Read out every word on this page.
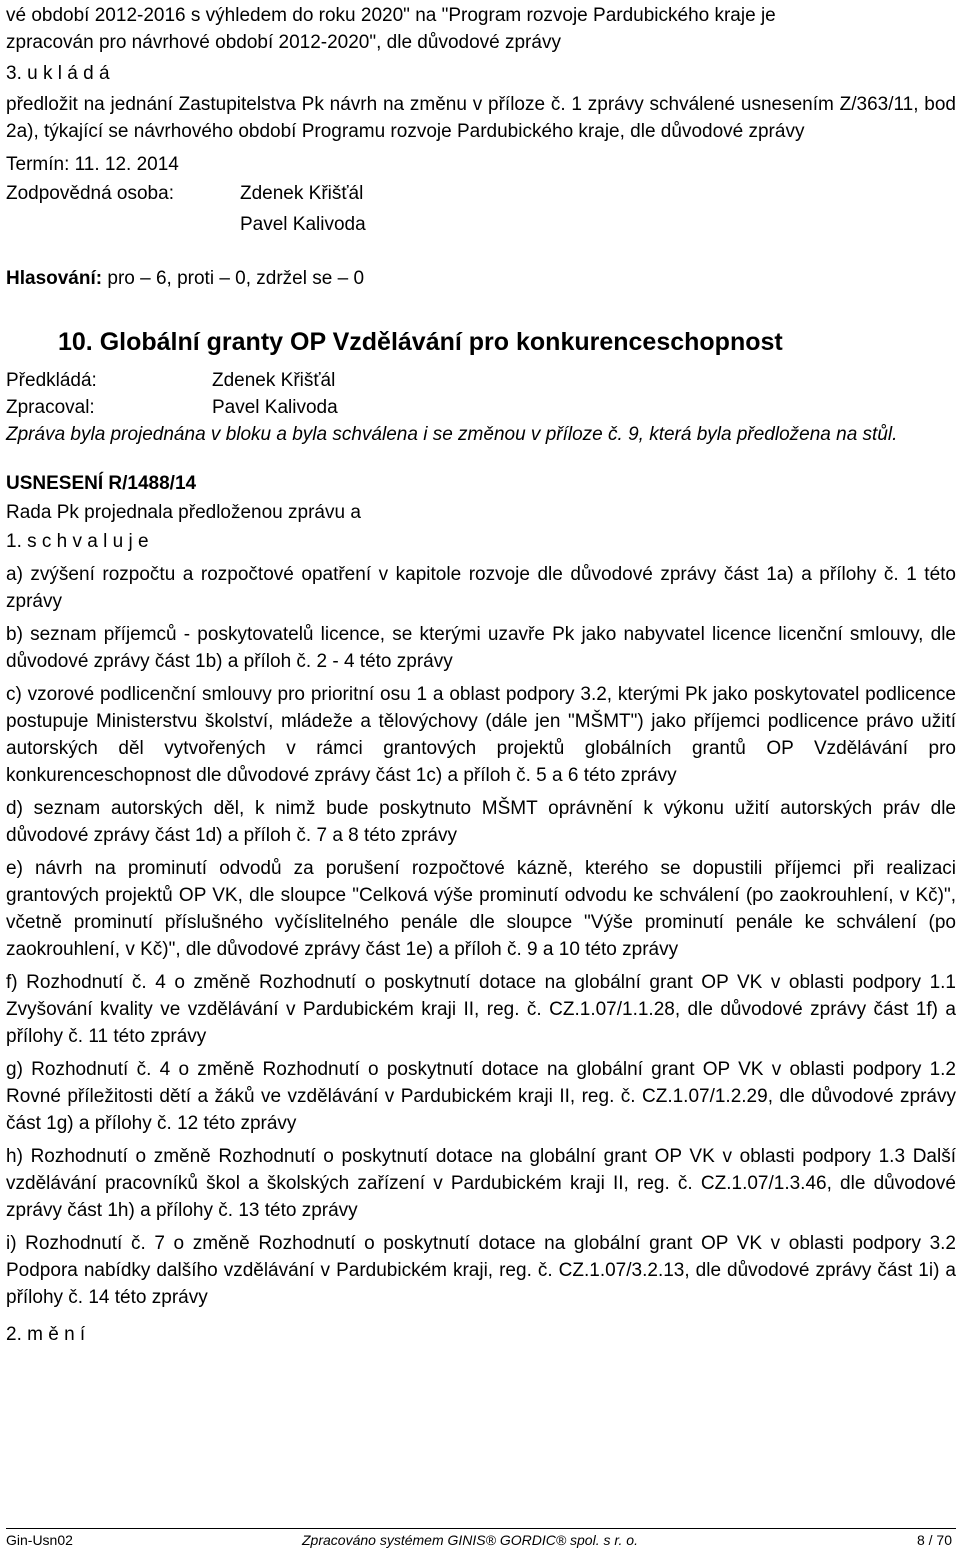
vé období 2012-2016 s výhledem do roku 2020" na "Program rozvoje Pardubického kraje je
zpracován pro návrhové období 2012-2020", dle důvodové zprávy
3. u k l á d á
předložit na jednání Zastupitelstva Pk návrh na změnu v příloze č. 1 zprávy schválené usnesením Z/363/11, bod 2a), týkající se návrhového období Programu rozvoje Pardubického kraje, dle důvodové zprávy
Termín: 11. 12. 2014
Zodpovědná osoba:	Zdenek Křišťál
Pavel Kalivoda
Hlasování: pro – 6, proti – 0, zdržel se – 0
10. Globální granty OP Vzdělávání pro konkurenceschopnost
Předkládá:	Zdenek Křišťál
Zpracoval:	Pavel Kalivoda
Zpráva byla projednána v bloku a byla schválena i se změnou v příloze č. 9, která byla předložena na stůl.
USNESENÍ R/1488/14
Rada Pk projednala předloženou zprávu a
1. s c h v a l u j e
a) zvýšení rozpočtu a rozpočtové opatření v kapitole rozvoje dle důvodové zprávy část 1a) a přílohy č. 1 této zprávy
b) seznam příjemců - poskytovatelů licence, se kterými uzavře Pk jako nabyvatel licence licenční smlouvy, dle důvodové zprávy část 1b) a příloh č. 2 - 4 této zprávy
c) vzorové podlicenční smlouvy pro prioritní osu 1 a oblast podpory 3.2, kterými Pk jako poskytovatel podlicence postupuje Ministerstvu školství, mládeže a tělovýchovy (dále jen "MŠMT") jako příjemci podlicence právo užití autorských děl vytvořených v rámci grantových projektů globálních grantů OP Vzdělávání pro konkurenceschopnost dle důvodové zprávy část 1c) a příloh č. 5 a 6 této zprávy
d) seznam autorských děl, k nimž bude poskytnuto MŠMT oprávnění k výkonu užití autorských práv dle důvodové zprávy část 1d) a příloh č. 7 a 8 této zprávy
e) návrh na prominutí odvodů za porušení rozpočtové kázně, kterého se dopustili příjemci při realizaci grantových projektů OP VK, dle sloupce "Celková výše prominutí odvodu ke schválení (po zaokrouhlení, v Kč)", včetně prominutí příslušného vyčíslitelného penále dle sloupce "Výše prominutí penále ke schválení (po zaokrouhlení, v Kč)", dle důvodové zprávy část 1e) a příloh č. 9 a 10 této zprávy
f) Rozhodnutí č. 4 o změně Rozhodnutí o poskytnutí dotace na globální grant OP VK v oblasti podpory 1.1 Zvyšování kvality ve vzdělávání v Pardubickém kraji II, reg. č. CZ.1.07/1.1.28, dle důvodové zprávy část 1f) a přílohy č. 11 této zprávy
g) Rozhodnutí č. 4 o změně Rozhodnutí o poskytnutí dotace na globální grant OP VK v oblasti podpory 1.2 Rovné příležitosti dětí a žáků ve vzdělávání v Pardubickém kraji II, reg. č. CZ.1.07/1.2.29, dle důvodové zprávy část 1g) a přílohy č. 12 této zprávy
h) Rozhodnutí o změně Rozhodnutí o poskytnutí dotace na globální grant OP VK v oblasti podpory 1.3 Další vzdělávání pracovníků škol a školských zařízení v Pardubickém kraji II, reg. č. CZ.1.07/1.3.46, dle důvodové zprávy část 1h) a přílohy č. 13 této zprávy
i) Rozhodnutí č. 7 o změně Rozhodnutí o poskytnutí dotace na globální grant OP VK v oblasti podpory 3.2 Podpora nabídky dalšího vzdělávání v Pardubickém kraji, reg. č. CZ.1.07/3.2.13, dle důvodové zprávy část 1i) a přílohy č. 14 této zprávy
2. m ě n í
Gin-Usn02	Zpracováno systémem GINIS® GORDIC® spol. s r. o.	8 / 70
